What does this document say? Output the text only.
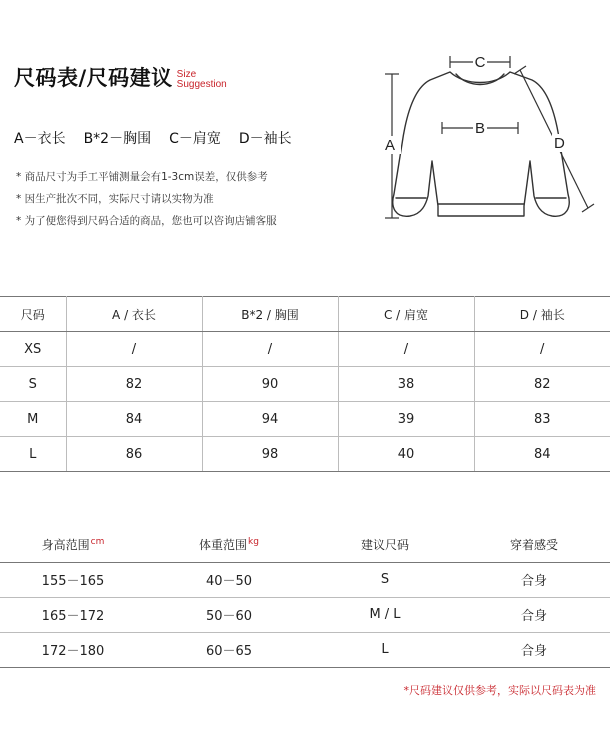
尺码表/尺码建议 Size
Suggestion
A－衣长 B*2－胸围 C－肩宽 D－袖长
* 商品尺寸为手工平铺测量会有1-3cm误差，仅供参考
* 因生产批次不同，实际尺寸请以实物为准
* 为了便您得到尺码合适的商品，您也可以咨询店铺客服
C
B
A	D
尺码	A / 衣长	B*2 / 胸围	C / 肩宽	D / 袖长
XS	/	/	/	/
S	82	90	38	82
M	84	94	39	83
L	86	98	40	84
身高范围$^{cm}$	体重范围$^{kg}$	建议尺码	穿着感受
155－165	40－50	S	合身
165－172	50－60	M / L	合身
172－180	60－65	L	合身
*尺码建议仅供参考，实际以尺码表为准
